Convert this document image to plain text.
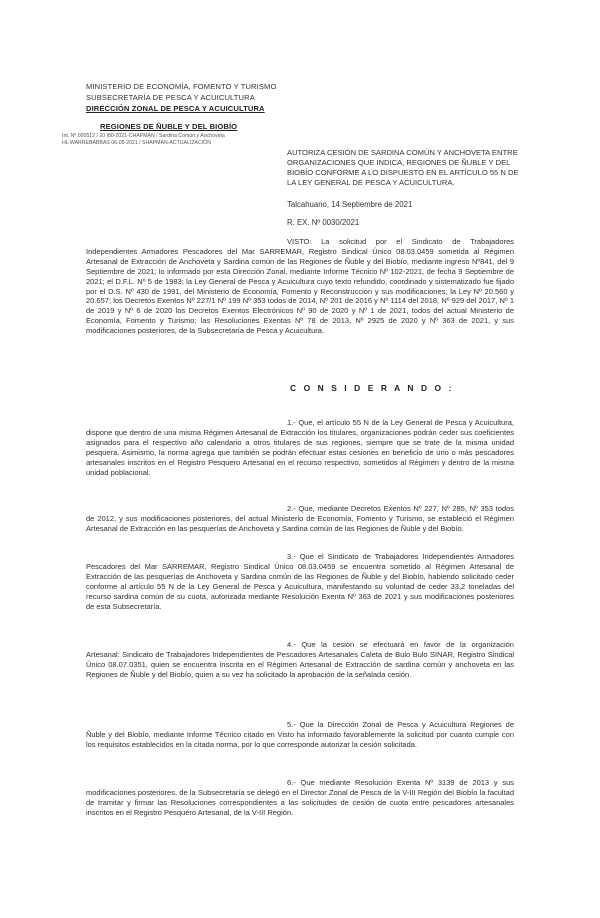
MINISTERIO DE ECONOMÍA, FOMENTO Y TURISMO
SUBSECRETARÍA DE PESCA Y ACUICULTURA
DIRECCIÓN ZONAL DE PESCA Y ACUICULTURA
REGIONES DE ÑUBLE Y DEL BIOBÍO
Int. Nº 000512 / 20 I80-2021-CHAPMAN / Sardina Común y Anchoveta
HL WARREBABBAS 06-05-2021 / SHAPMAN-ACTUALIZACIÓN
AUTORIZA CESIÓN DE SARDINA COMÚN Y ANCHOVETA ENTRE ORGANIZACIONES QUE INDICA, REGIONES DE ÑUBLE Y DEL BIOBÍO CONFORME A LO DISPUESTO EN EL ARTÍCULO 55 N DE LA LEY GENERAL DE PESCA Y ACUICULTURA.
Talcahuano, 14 Septiembre de 2021
R. EX. Nº 0030/2021
VISTO: La solicitud por el Sindicato de Trabajadores Independientes Armadores Pescadores del Mar SARREMAR, Registro Sindical Único 08.03.0459 sometida al Régimen Artesanal de Extracción de Anchoveta y Sardina común de las Regiones de Ñuble y del Biobío, mediante ingreso Nº841, del 9 Septiembre de 2021; lo informado por esta Dirección Zonal, mediante Informe Técnico Nº 102-2021, de fecha 9 Septiembre de 2021; el D.F.L. Nº 5 de 1983; la Ley General de Pesca y Acuicultura cuyo texto refundido, coordinado y sistematizado fue fijado por el D.S. Nº 430 de 1991, del Ministerio de Economía, Fomento y Reconstrucción y sus modificaciones; la Ley Nº 20.560 y 20.657; los Decretos Exentos Nº 227/1 Nº 199 Nº 353 todos de 2014, Nº 201 de 2016 y Nº 1114 del 2018, Nº 929 del 2017, Nº 1 de 2019 y Nº 6 de 2020 los Decretos Exentos Electrónicos Nº 90 de 2020 y Nº 1 de 2021, todos del actual Ministerio de Economía, Fomento y Turismo; las Resoluciones Exentas Nº 78 de 2013, Nº 2925 de 2020 y Nº 363 de 2021, y sus modificaciones posteriores, de la Subsecretaría de Pesca y Acuicultura.
C O N S I D E R A N D O :
1.- Que, el artículo 55 N de la Ley General de Pesca y Acuicultura, dispone que dentro de una misma Régimen Artesanal de Extracción los titulares, organizaciones podrán ceder sus coeficientes asignados para el respectivo año calendario a otros titulares de sus regiones, siempre que se trate de la misma unidad pesquera. Asimismo, la norma agrega que también se podrán efectuar estas cesiones en beneficio de uno o más pescadores artesanales inscritos en el Registro Pesquero Artesanal en el recurso respectivo, sometidos al Régimen y dentro de la misma unidad poblacional.
2.- Que, mediante Decretos Exentos Nº 227, Nº 285, Nº 353 todos de 2012, y sus modificaciones posteriores, del actual Ministerio de Economía, Fomento y Turismo, se estableció el Régimen Artesanal de Extracción en las pesquerías de Anchoveta y Sardina común de las Regiones de Ñuble y del Biobío.
3.- Que el Sindicato de Trabajadores Independientes Armadores Pescadores del Mar SARREMAR, Registro Sindical Único 08.03.0459 se encuentra sometido al Régimen Artesanal de Extracción de las pesquerías de Anchoveta y Sardina común de las Regiones de Ñuble y del Biobío, habiendo solicitado ceder conforme al artículo 55 N de la Ley General de Pesca y Acuicultura, manifestando su voluntad de ceder 33,2 toneladas del recurso sardina común de su cuota, autorizada mediante Resolución Exenta Nº 363 de 2021 y sus modificaciones posteriores de esta Subsecretaría.
4.- Que la cesión se efectuará en favor de la organización Artesanal: Sindicato de Trabajadores Independientes de Pescadores Artesanales Caleta de Bulo Bulo SINAR, Registro Sindical Único 08.07.0351, quien se encuentra inscrita en el Régimen Artesanal de Extracción de sardina común y anchoveta en las Regiones de Ñuble y del Biobío, quien a su vez ha solicitado la aprobación de la señalada cesión.
5.- Que la Dirección Zonal de Pesca y Acuicultura Regiones de Ñuble y del Biobío, mediante Informe Técnico citado en Visto ha informado favorablemente la solicitud por cuanto cumple con los requisitos establecidos en la citada norma, por lo que corresponde autorizar la cesión solicitada.
6.- Que mediante Resolución Exenta Nº 3139 de 2013 y sus modificaciones posteriores, de la Subsecretaría se delegó en el Director Zonal de Pesca de la V-III Región del Biobío la facultad de tramitar y firmar las Resoluciones correspondientes a las solicitudes de cesión de cuota entre pescadores artesanales inscritos en el Registro Pesquero Artesanal, de la V-III Región.
